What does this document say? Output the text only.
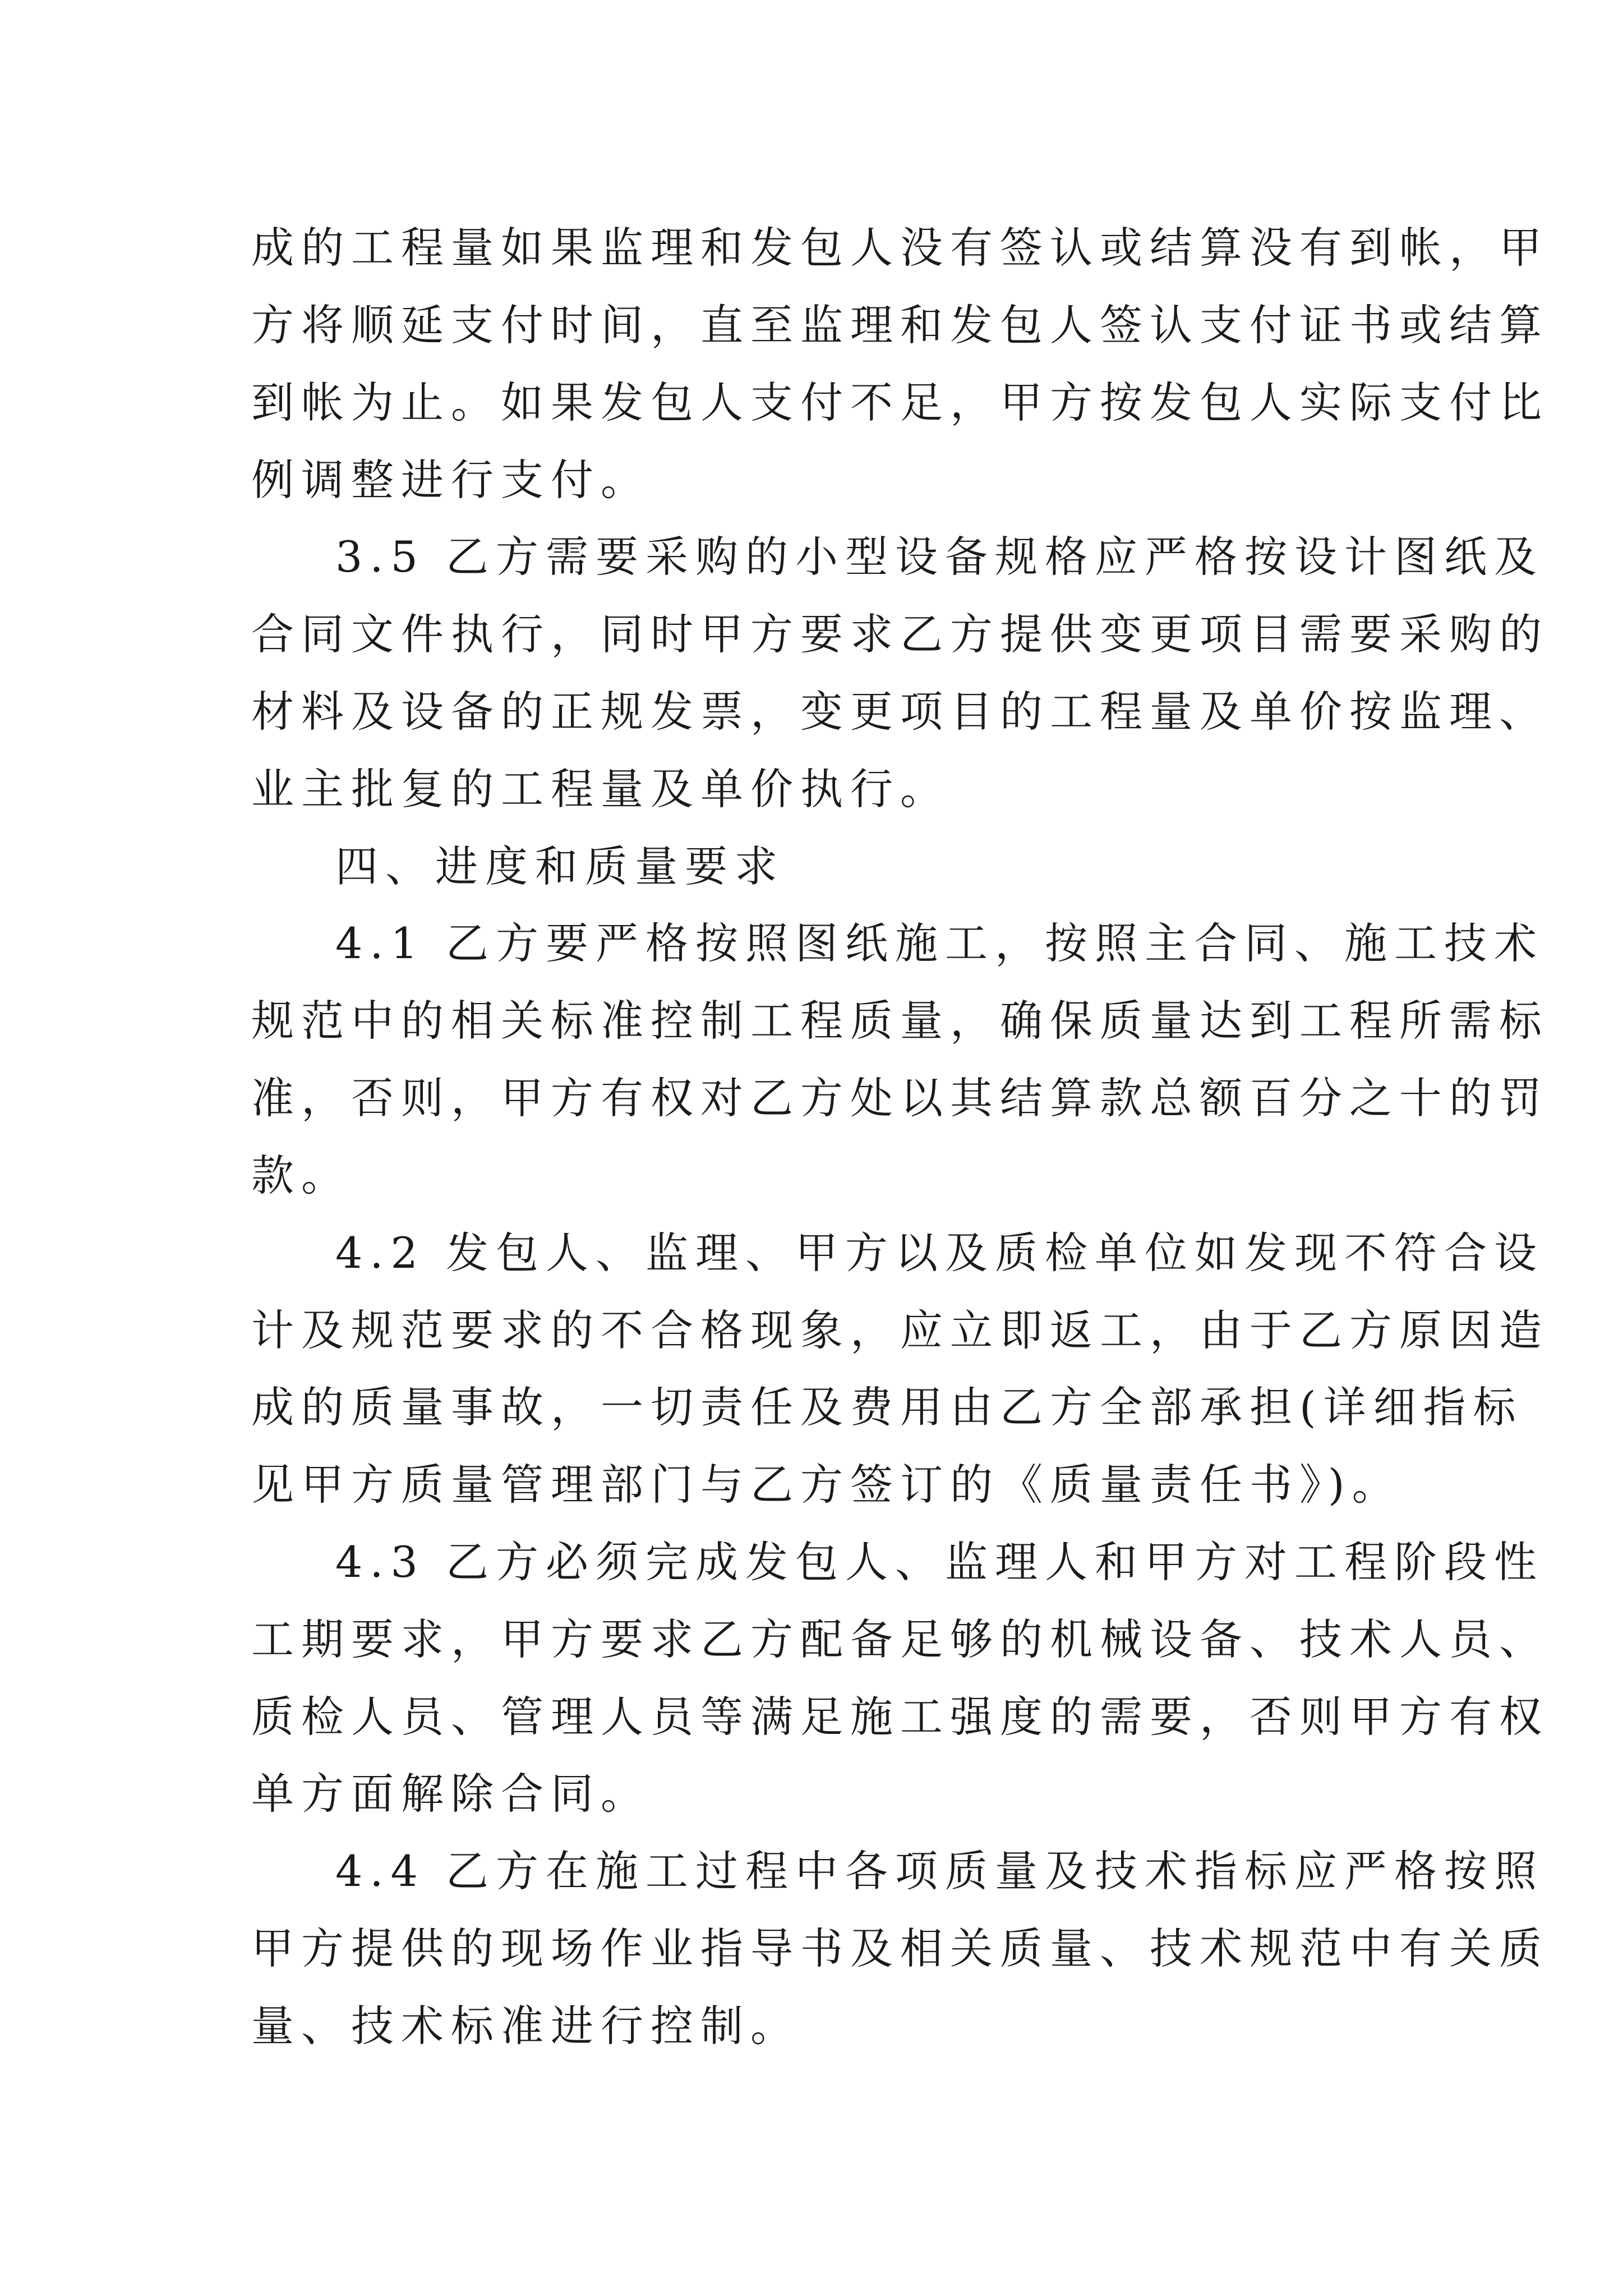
成的工程量如果监理和发包人没有签认或结算没有到帐，甲
方将顺延支付时间，直至监理和发包人签认支付证书或结算
到帐为止。如果发包人支付不足，甲方按发包人实际支付比
例调整进行支付。
3.5 乙方需要采购的小型设备规格应严格按设计图纸及
合同文件执行，同时甲方要求乙方提供变更项目需要采购的
材料及设备的正规发票，变更项目的工程量及单价按监理、
业主批复的工程量及单价执行。
四、进度和质量要求
4.1 乙方要严格按照图纸施工，按照主合同、施工技术
规范中的相关标准控制工程质量，确保质量达到工程所需标
准，否则，甲方有权对乙方处以其结算款总额百分之十的罚
款。
4.2 发包人、监理、甲方以及质检单位如发现不符合设
计及规范要求的不合格现象，应立即返工，由于乙方原因造
成的质量事故，一切责任及费用由乙方全部承担(详细指标
见甲方质量管理部门与乙方签订的《质量责任书》)。
4.3 乙方必须完成发包人、监理人和甲方对工程阶段性
工期要求，甲方要求乙方配备足够的机械设备、技术人员、
质检人员、管理人员等满足施工强度的需要，否则甲方有权
单方面解除合同。
4.4 乙方在施工过程中各项质量及技术指标应严格按照
甲方提供的现场作业指导书及相关质量、技术规范中有关质
量、技术标准进行控制。
